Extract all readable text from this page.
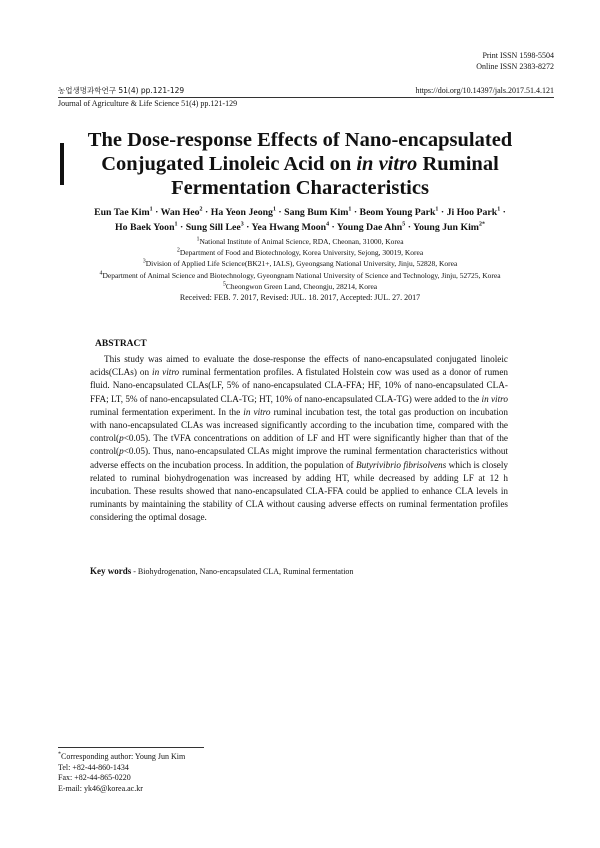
Print ISSN 1598-5504
Online ISSN 2383-8272
농업생명과학연구 51(4) pp.121-129	https://doi.org/10.14397/jals.2017.51.4.121
Journal of Agriculture & Life Science 51(4) pp.121-129
The Dose-response Effects of Nano-encapsulated
Conjugated Linoleic Acid on in vitro Ruminal
Fermentation Characteristics
Eun Tae Kim$^1$ · Wan Heo$^2$ · Ha Yeon Jeong$^1$ · Sang Bum Kim$^1$ · Beom Young Park$^1$ · Ji Hoo Park$^1$ ·
Ho Baek Yoon$^1$ · Sung Sill Lee$^3$ · Yea Hwang Moon$^4$ · Young Dae Ahn$^5$ · Young Jun Kim$^{2*}$
$^1$National Institute of Animal Science, RDA, Cheonan, 31000, Korea
$^2$Department of Food and Biotechnology, Korea University, Sejong, 30019, Korea
$^3$Division of Applied Life Science(BK21+, IALS), Gyeongsang National University, Jinju, 52828, Korea
$^4$Department of Animal Science and Biotechnology, Gyeongnam National University of Science and Technology, Jinju, 52725, Korea
$^5$Cheongwon Green Land, Cheongju, 28214, Korea
Received: FEB. 7. 2017, Revised: JUL. 18. 2017, Accepted: JUL. 27. 2017
ABSTRACT
This study was aimed to evaluate the dose-response the effects of nano-encapsulated conjugated linoleic acids(CLAs) on in vitro ruminal fermentation profiles. A fistulated Holstein cow was used as a donor of rumen fluid. Nano-encapsulated CLAs(LF, 5% of nano-encapsulated CLA-FFA; HF, 10% of nano-encapsulated CLA-FFA; LT, 5% of nano-encapsulated CLA-TG; HT, 10% of nano-encapsulated CLA-TG) were added to the in vitro ruminal fermentation experiment. In the in vitro ruminal incubation test, the total gas production on incubation with nano-encapsulated CLAs was increased significantly according to the incubation time, compared with the control(p<0.05). The tVFA concentrations on addition of LF and HT were significantly higher than that of the control(p<0.05). Thus, nano-encapsulated CLAs might improve the ruminal fermentation characteristics without adverse effects on the incubation process. In addition, the population of Butyrivibrio fibrisolvens which is closely related to ruminal biohydrogenation was increased by adding HT, while decreased by adding LF at 12 h incubation. These results showed that nano-encapsulated CLA-FFA could be applied to enhance CLA levels in ruminants by maintaining the stability of CLA without causing adverse effects on ruminal fermentation profiles considering the optimal dosage.
Key words - Biohydrogenation, Nano-encapsulated CLA, Ruminal fermentation
*Corresponding author: Young Jun Kim
Tel: +82-44-860-1434
Fax: +82-44-865-0220
E-mail: yk46@korea.ac.kr
